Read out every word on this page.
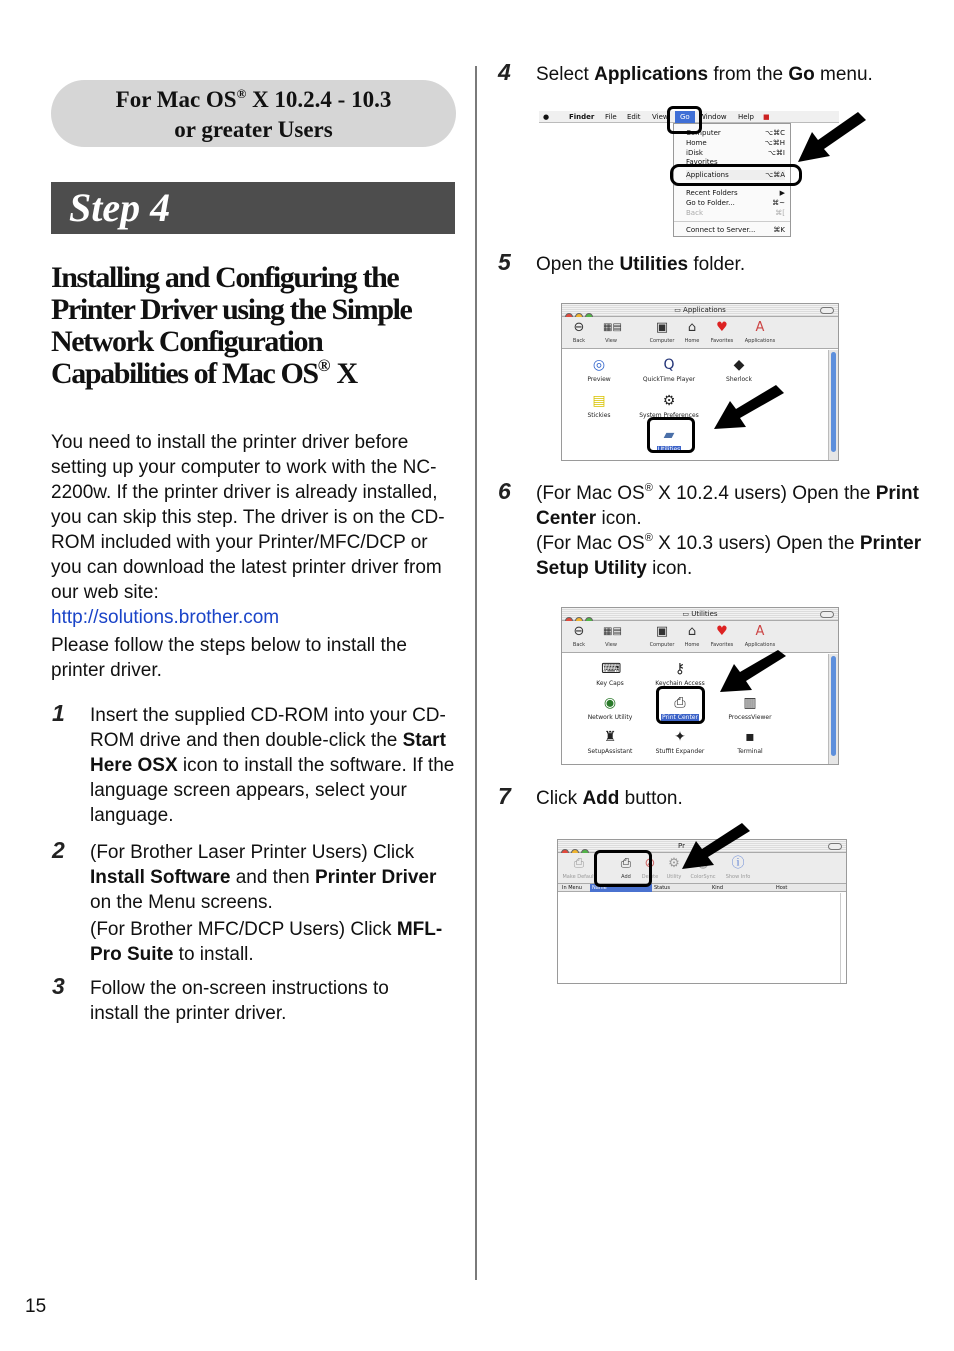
For Mac OS® X 10.2.4 - 10.3
or greater Users
Step 4
Installing and Configuring the
Printer Driver using the Simple
Network Configuration
Capabilities of Mac OS® X
You need to install the printer driver before setting up your computer to work with the NC-2200w. If the printer driver is already installed, you can skip this step. The driver is on the CD-ROM included with your Printer/MFC/DCP or you can download the latest printer driver from our web site:
http://solutions.brother.com
Please follow the steps below to install the printer driver.
1 Insert the supplied CD-ROM into your CD-ROM drive and then double-click the Start Here OSX icon to install the software. If the language screen appears, select your language.
2 (For Brother Laser Printer Users) Click Install Software and then Printer Driver on the Menu screens.
(For Brother MFC/DCP Users) Click MFL-Pro Suite to install.
3 Follow the on-screen instructions to install the printer driver.
4 Select Applications from the Go menu.
●	Finder File Edit View	Go	Window Help ■
Computer	⌥⌘C
Home	⌥⌘H
iDisk	⌥⌘I
Favorites
Applications	⌥⌘A
Recent Folders	▶
Go to Folder...	⌘~
Back	⌘[
Connect to Server...	⌘K
5 Open the Utilities folder.
▭ Applications
⊖
Back
▦▤
View
▣
Computer
⌂
Home
♥
Favorites
A
Applications
◎
Preview
Q
QuickTime Player
◆
Sherlock
▤
Stickies
⚙
System Preferences
▰
Utilities
6 (For Mac OS® X 10.2.4 users) Open the Print Center icon.
(For Mac OS® X 10.3 users) Open the Printer Setup Utility icon.
▭ Utilities
⊖
Back
▦▤
View
▣
Computer
⌂
Home
♥
Favorites
A
Applications
⌨
Key Caps
⚷
Keychain Access
⎙
Print Center
▥
ProcessViewer
◉
Network Utility
♜
SetupAssistant
✦
StuffIt Expander
▪
Terminal
7 Click Add button.
Pr
⎙
Make Default
⎙
Add
⊘
Delete
⚙
Utility	ColorSync
ⓘ
Show Info
In Menu	Name	Status	Kind	Host
15
